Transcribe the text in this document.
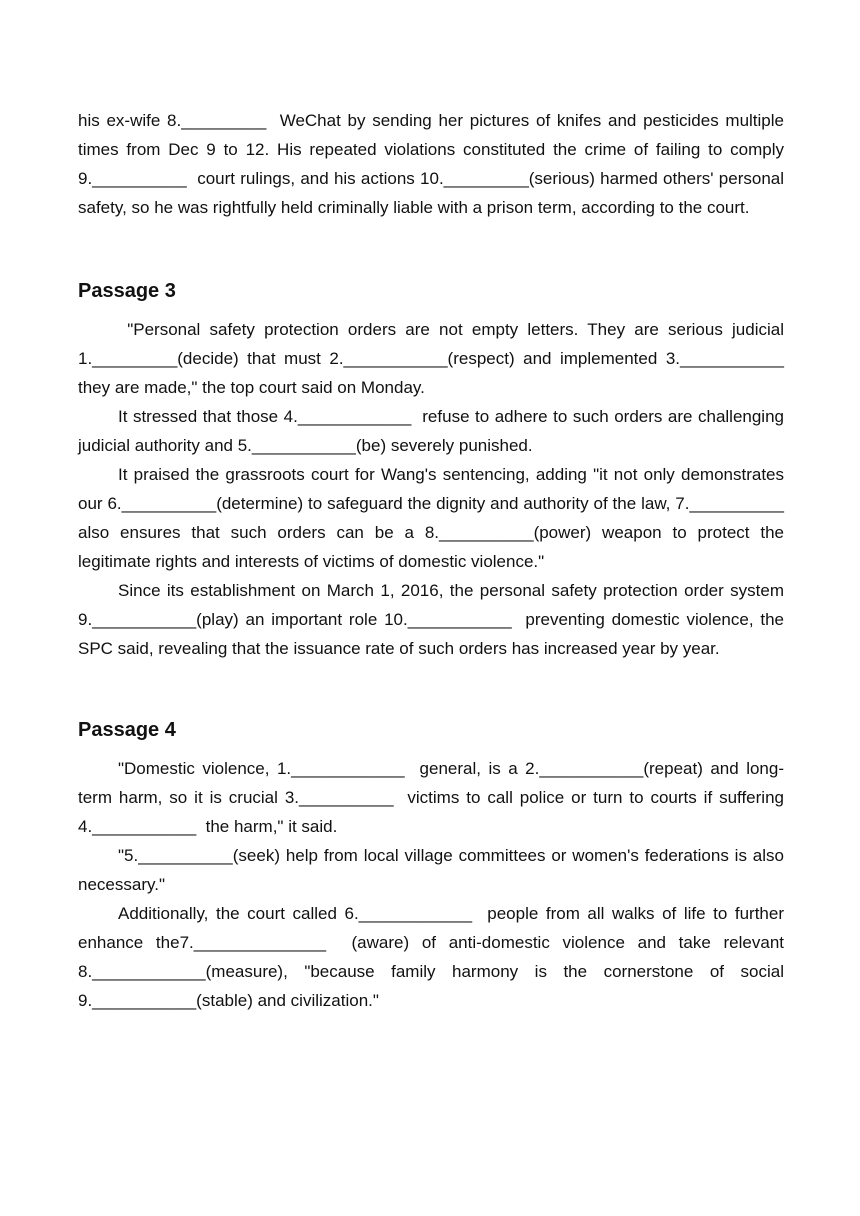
his ex-wife 8._________  WeChat by sending her pictures of knifes and pesticides multiple times from Dec 9 to 12. His repeated violations constituted the crime of failing to comply 9.__________  court rulings, and his actions 10._________(serious) harmed others' personal safety, so he was rightfully held criminally liable with a prison term, according to the court.

Passage 3

"Personal safety protection orders are not empty letters. They are serious judicial 1._________(decide) that must 2.___________(respect) and implemented 3.___________  they are made," the top court said on Monday.

It stressed that those 4.____________  refuse to adhere to such orders are challenging judicial authority and 5.___________(be) severely punished.

It praised the grassroots court for Wang's sentencing, adding "it not only demonstrates our 6.__________(determine) to safeguard the dignity and authority of the law, 7.__________  also ensures that such orders can be a 8.__________(power) weapon to protect the legitimate rights and interests of victims of domestic violence."

Since its establishment on March 1, 2016, the personal safety protection order system 9.___________(play) an important role 10.___________  preventing domestic violence, the SPC said, revealing that the issuance rate of such orders has increased year by year.

Passage 4

"Domestic violence, 1.____________  general, is a 2.___________(repeat) and long-term harm, so it is crucial 3.__________  victims to call police or turn to courts if suffering 4.___________  the harm," it said.

"5.__________(seek) help from local village committees or women's federations is also necessary."

Additionally, the court called 6.____________  people from all walks of life to further enhance the7.______________  (aware) of anti-domestic violence and take relevant 8.____________(measure), "because family harmony is the cornerstone of social 9.___________(stable) and civilization."
